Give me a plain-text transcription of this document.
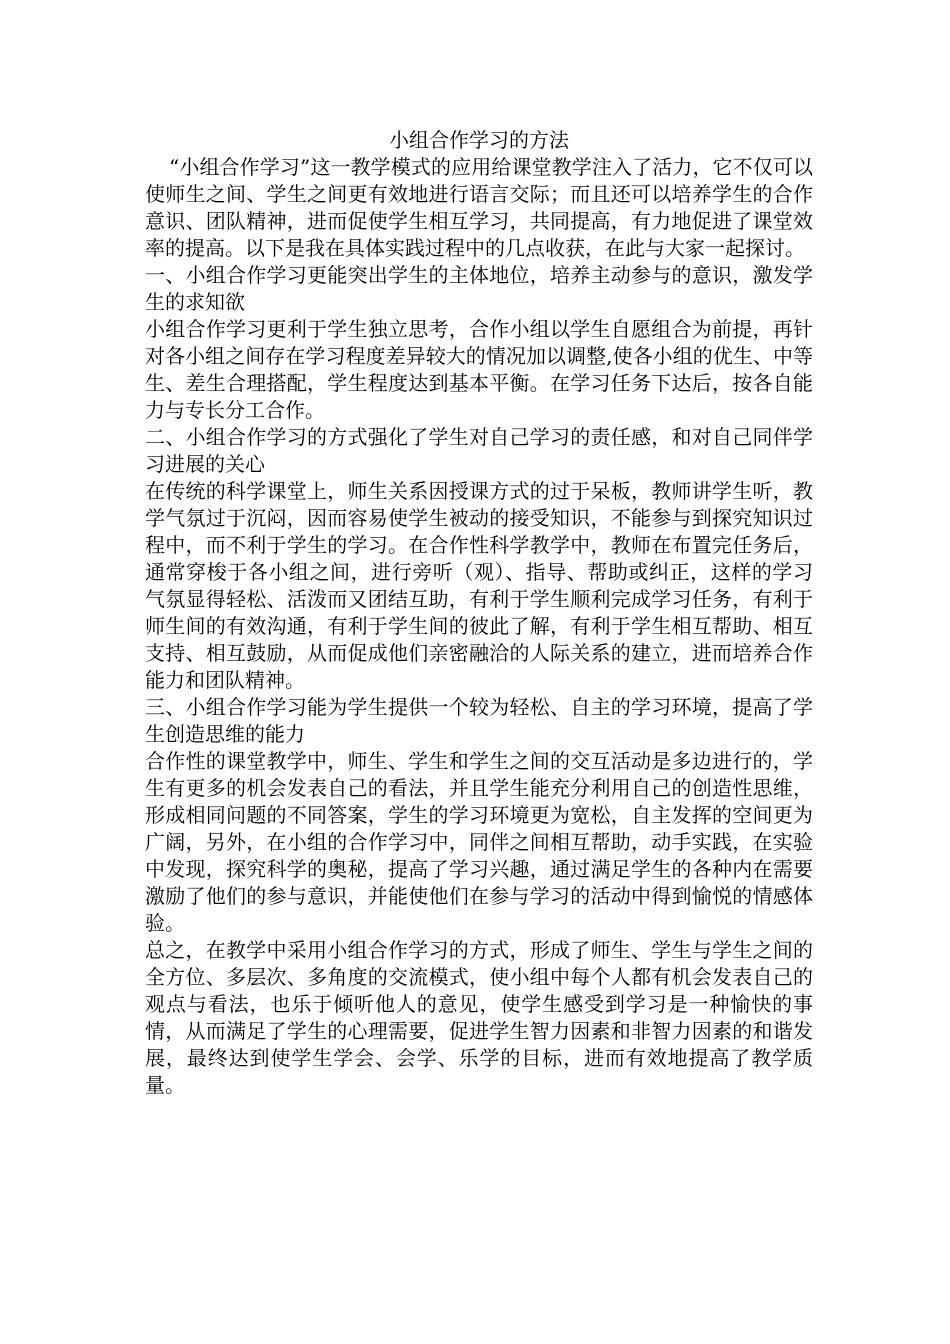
小组合作学习的方法

“小组合作学习”这一教学模式的应用给课堂教学注入了活力，它不仅可以使师生之间、学生之间更有效地进行语言交际；而且还可以培养学生的合作意识、团队精神，进而促使学生相互学习，共同提高，有力地促进了课堂效率的提高。以下是我在具体实践过程中的几点收获，在此与大家一起探讨。

一、小组合作学习更能突出学生的主体地位，培养主动参与的意识，激发学生的求知欲

小组合作学习更利于学生独立思考，合作小组以学生自愿组合为前提，再针对各小组之间存在学习程度差异较大的情况加以调整,使各小组的优生、中等生、差生合理搭配，学生程度达到基本平衡。在学习任务下达后，按各自能力与专长分工合作。

二、小组合作学习的方式强化了学生对自己学习的责任感，和对自己同伴学习进展的关心

在传统的科学课堂上，师生关系因授课方式的过于呆板，教师讲学生听，教学气氛过于沉闷，因而容易使学生被动的接受知识，不能参与到探究知识过程中，而不利于学生的学习。在合作性科学教学中，教师在布置完任务后，通常穿梭于各小组之间，进行旁听（观）、指导、帮助或纠正，这样的学习气氛显得轻松、活泼而又团结互助，有利于学生顺利完成学习任务，有利于师生间的有效沟通，有利于学生间的彼此了解，有利于学生相互帮助、相互支持、相互鼓励，从而促成他们亲密融洽的人际关系的建立，进而培养合作能力和团队精神。

三、小组合作学习能为学生提供一个较为轻松、自主的学习环境，提高了学生创造思维的能力

合作性的课堂教学中，师生、学生和学生之间的交互活动是多边进行的，学生有更多的机会发表自己的看法，并且学生能充分利用自己的创造性思维，形成相同问题的不同答案，学生的学习环境更为宽松，自主发挥的空间更为广阔，另外，在小组的合作学习中，同伴之间相互帮助，动手实践，在实验中发现，探究科学的奥秘，提高了学习兴趣，通过满足学生的各种内在需要激励了他们的参与意识，并能使他们在参与学习的活动中得到愉悦的情感体验。

总之，在教学中采用小组合作学习的方式，形成了师生、学生与学生之间的全方位、多层次、多角度的交流模式，使小组中每个人都有机会发表自己的观点与看法，也乐于倾听他人的意见，使学生感受到学习是一种愉快的事情，从而满足了学生的心理需要，促进学生智力因素和非智力因素的和谐发展，最终达到使学生学会、会学、乐学的目标，进而有效地提高了教学质量。
